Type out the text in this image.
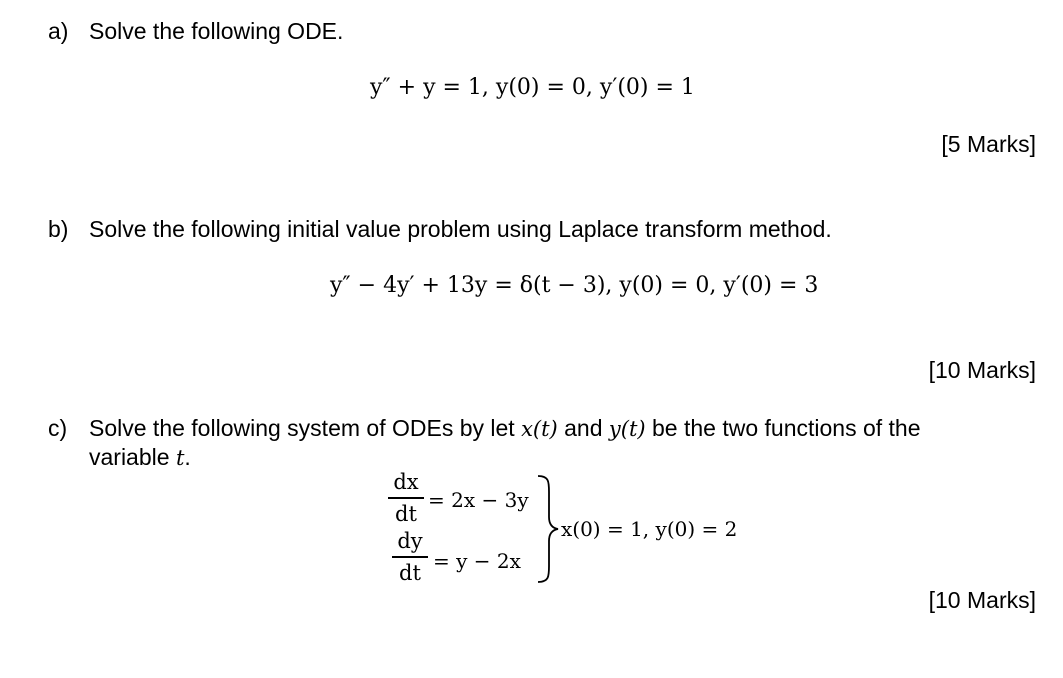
a) Solve the following ODE.
y″ + y = 1, y(0) = 0, y′(0) = 1
[5 Marks]
b) Solve the following initial value problem using Laplace transform method.
y″ − 4y′ + 13y = δ(t − 3), y(0) = 0, y′(0) = 3
[10 Marks]
c) Solve the following system of ODEs by let x(t) and y(t) be the two functions of the
variable t.
dx
dt
= 2x − 3y
dy
dt = y − 2x
x(0) = 1, y(0) = 2
[10 Marks]
